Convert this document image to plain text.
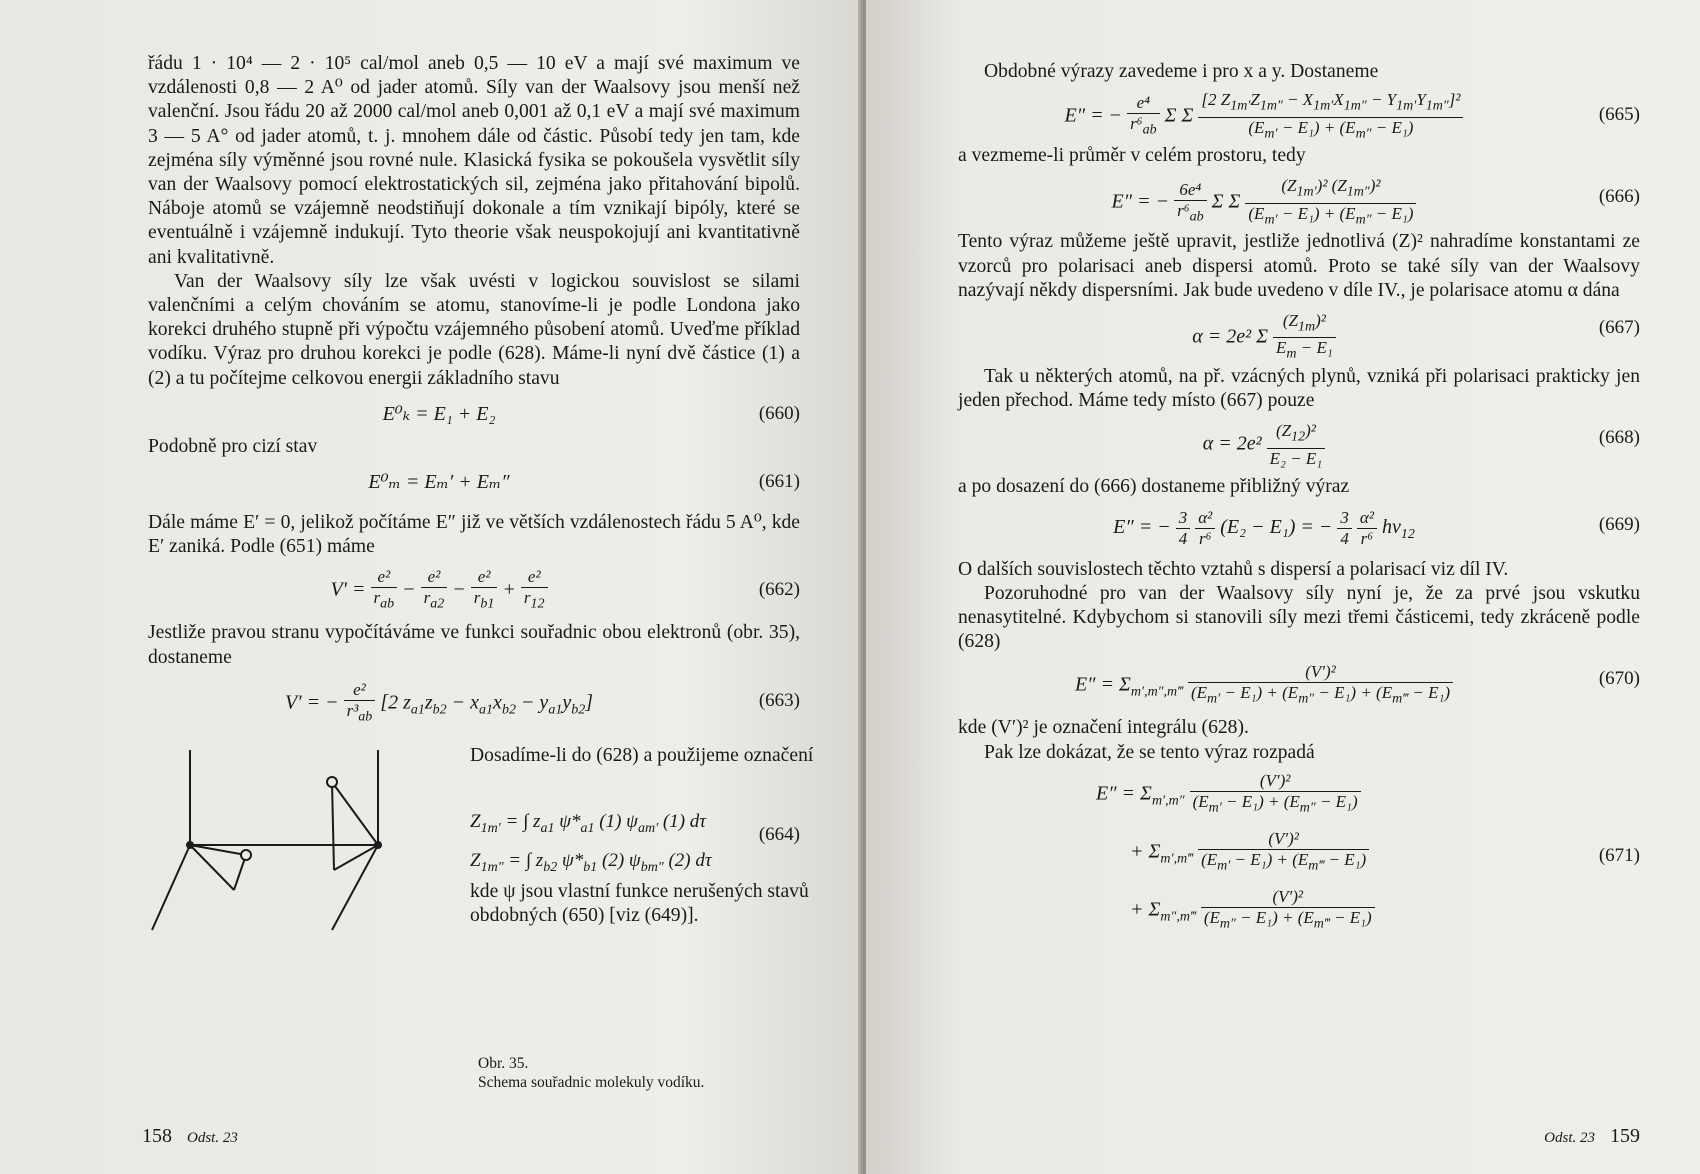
řádu 1 · 10⁴ — 2 · 10⁵ cal/mol aneb 0,5 — 10 eV a mají své maximum ve vzdálenosti 0,8 — 2 A⁰ od jader atomů. Síly van der Waalsovy jsou menší než valenční. Jsou řádu 20 až 2000 cal/mol aneb 0,001 až 0,1 eV a mají své maximum 3 — 5 A° od jader atomů, t. j. mnohem dále od částic. Působí tedy jen tam, kde zejména síly výměnné jsou rovné nule. Klasická fysika se pokoušela vysvětlit síly van der Waalsovy pomocí elektrostatických sil, zejména jako přitahování bipolů. Náboje atomů se vzájemně neodstiňují dokonale a tím vznikají bipóly, které se eventuálně i vzájemně indukují. Tyto theorie však neuspokojují ani kvantitativně ani kvalitativně.

Van der Waalsovy síly lze však uvésti v logickou souvislost se silami valenčními a celým chováním se atomu, stanovíme-li je podle Londona jako korekci druhého stupně při výpočtu vzájemného působení atomů. Uveďme příklad vodíku. Výraz pro druhou korekci je podle (628). Máme-li nyní dvě částice (1) a (2) a tu počítejme celkovou energii základního stavu

E⁰ₖ = E₁ + E₂	(660)

Podobně pro cizí stav

E⁰ₘ = Eₘ′ + Eₘ″	(661)

Dále máme E′ = 0, jelikož počítáme E″ již ve větších vzdálenostech řádu 5 A⁰, kde E′ zaniká. Podle (651) máme

$V' = \frac{\text{e²}}{r_{ab}} - \frac{\text{e²}}{r_{a2}} - \frac{\text{e²}}{r_{b1}} + \frac{\text{e²}}{r_{12}}$	(662)

Jestliže pravou stranu vypočítáváme ve funkci souřadnic obou elektronů (obr. 35), dostaneme

V′ = − $\frac{\text{e²}}{r^3_{ab}} [2$ $z_{a1}z_{b2} - x_{a1}x_{b2} - y_{a1}y_{b2}$]	(663)

Dosadíme-li do (628) a použijeme označení

$Z_{1m'}$ = ∫ $z_{a1}$ $\psi*_{a1}$ (1) $\psi_{am'}$ (1) dτ
$Z_{1m''}$ = ∫ $z_{b2}$ $\psi*_{b1}$ (2) $\psi_{bm''}$ (2) dτ
(664)

kde ψ jsou vlastní funkce nerušených stavů obdobných (650) [viz (649)].

Obr. 35.
Schema souřadnic molekuly vodíku.
158 Odst. 23

Obdobné výrazy zavedeme i pro x a y. Dostaneme

E″ = − $\frac{\text{e⁴}}{r^6_{ab}}$ Σ Σ $\frac{[2 Z_{1m'}Z_{1m''} - X_{1m'}X_{1m''} - Y_{1m'}Y_{1m''}]^2}{(E_{m'} - E_1) + (E_{m''} - E_1)}$	(665)

a vezmeme-li průměr v celém prostoru, tedy

E″ = − $\frac{\text{6e⁴}}{r^6_{ab}}$ Σ Σ $\frac{(Z_{1m'})^2 (Z_{1m''})^2}{(E_{m'} - E_1) + (E_{m''} - E_1)}$	(666)

Tento výraz můžeme ještě upravit, jestliže jednotlivá (Z)² nahradíme konstantami ze vzorců pro polarisaci aneb dispersi atomů. Proto se také síly van der Waalsovy nazývají někdy dispersními. Jak bude uvedeno v díle IV., je polarisace atomu α dána

α = 2e² Σ $\frac{(Z_{1m})^2}{E_m - E_1}$	(667)

Tak u některých atomů, na př. vzácných plynů, vzniká při polarisaci prakticky jen jeden přechod. Máme tedy místo (667) pouze

$\alpha = 2e^2 \frac{(Z_{12})^2}{\text{E₂ − E₁}}$	(668)

a po dosazení do (666) dostaneme přibližný výraz

E″ = − $\frac{3}{4}$
$\frac{\text{α²}}{\text{r⁶}} (E_2 - E_1)$ = − $\frac{3}{4}$
$\frac{\text{α²}}{\text{r⁶}} h\nu_{12}$	(669)

O dalších souvislostech těchto vztahů s dispersí a polarisací viz díl IV.

Pozoruhodné pro van der Waalsovy síly nyní je, že za prvé jsou vskutku nenasytitelné. Kdybychom si stanovili síly mezi třemi částicemi, tedy zkráceně podle (628)

$E'' = \Sigma_{m',m'',m‴} \frac{\text{(V′)²}}{(E_{m'} - E_1) + (E_{m''} - E_1) + (E_{m‴} - E_1)}$	(670)

kde (V′)² je označení integrálu (628).

Pak lze dokázat, že se tento výraz rozpadá

$E'' = \Sigma_{m',m''} \frac{\text{(V′)²}}{(E_{m'} - E_1) + (E_{m''} - E_1)}$
+ $\Sigma_{m',m‴} \frac{\text{(V′)²}}{(E_{m'} - E_1) + (E_{m‴} - E_1)}$
+ $\Sigma_{m'',m‴} \frac{\text{(V′)²}}{(E_{m''} - E_1) + (E_{m‴} - E_1)}$
(671)
Odst. 23 159
